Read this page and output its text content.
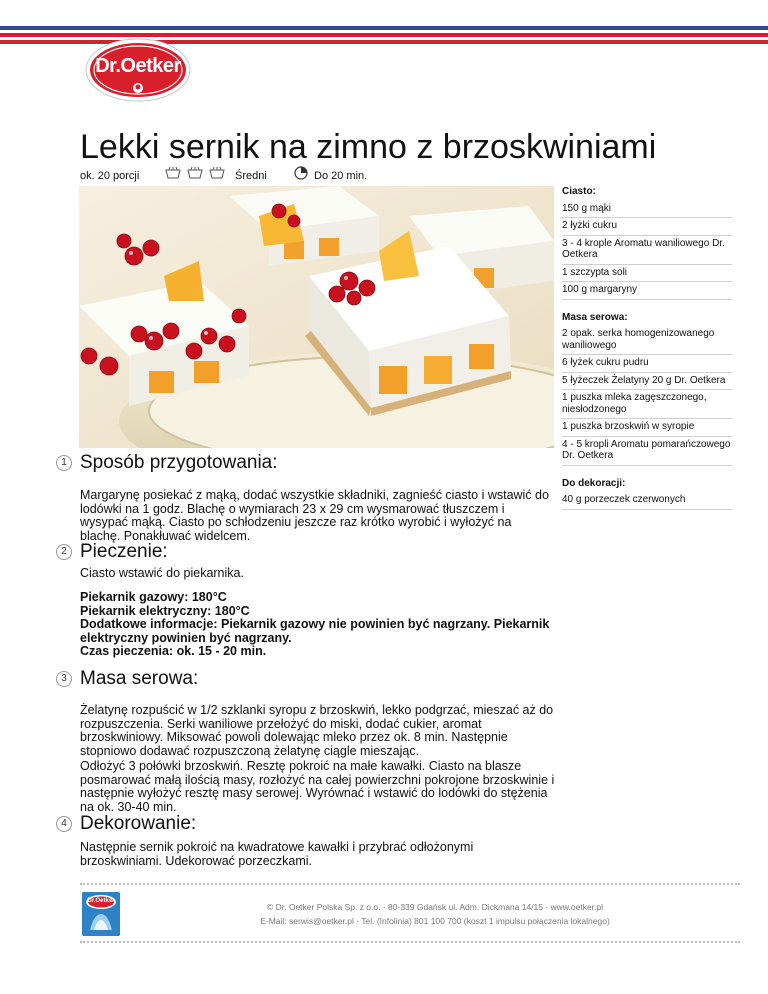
Dr.Oetker
Lekki sernik na zimno z brzoskwiniami
ok. 20 porcji	Średni	Do 20 min.
Ciasto:
150 g mąki
2 łyżki cukru
3 - 4 krople Aromatu waniliowego Dr. Oetkera
1 szczypta soli
100 g margaryny
Masa serowa:
2 opak. serka homogenizowanego waniliowego
6 łyżek cukru pudru
5 łyżeczek Żelatyny 20 g Dr. Oetkera
1 puszka mleka zagęszczonego, niesłodzonego
1 puszka brzoskwiń w syropie
4 - 5 kropli Aromatu pomarańczowego Dr. Oetkera
Do dekoracji:
40 g porzeczek czerwonych
1 Sposób przygotowania:

Margarynę posiekać z mąką, dodać wszystkie składniki, zagnieść ciasto i wstawić do lodówki na 1 godz. Blachę o wymiarach 23 x 29 cm wysmarować tłuszczem i wysypać mąką. Ciasto po schłodzeniu jeszcze raz krótko wyrobić i wyłożyć na blachę. Ponakłuwać widelcem.

2 Pieczenie:

Ciasto wstawić do piekarnika.

Piekarnik gazowy: 180°C
Piekarnik elektryczny: 180°C
Dodatkowe informacje: Piekarnik gazowy nie powinien być nagrzany. Piekarnik elektryczny powinien być nagrzany.
Czas pieczenia: ok. 15 - 20 min.
3 Masa serowa:

Żelatynę rozpuścić w 1/2 szklanki syropu z brzoskwiń, lekko podgrzać, mieszać aż do rozpuszczenia. Serki waniliowe przełożyć do miski, dodać cukier, aromat brzoskwiniowy. Miksować powoli dolewając mleko przez ok. 8 min. Następnie stopniowo dodawać rozpuszczoną żelatynę ciągle mieszając.

Odłożyć 3 połówki brzoskwiń. Resztę pokroić na małe kawałki. Ciasto na blasze posmarować małą ilością masy, rozłożyć na całej powierzchni pokrojone brzoskwinie i następnie wyłożyć resztę masy serowej. Wyrównać i wstawić do lodówki do stężenia na ok. 30-40 min.

4 Dekorowanie:

Następnie sernik pokroić na kwadratowe kawałki i przybrać odłożonymi brzoskwiniami. Udekorować porzeczkami.

Dr.Oetker
© Dr. Oetker Polska Sp. z o.o. · 80-339 Gdańsk ul. Adm. Dickmana 14/15 · www.oetker.pl
E-Mail: serwis@oetker.pl · Tel. (Infolinia) 801 100 700 (koszt 1 impulsu połączenia lokalnego)
